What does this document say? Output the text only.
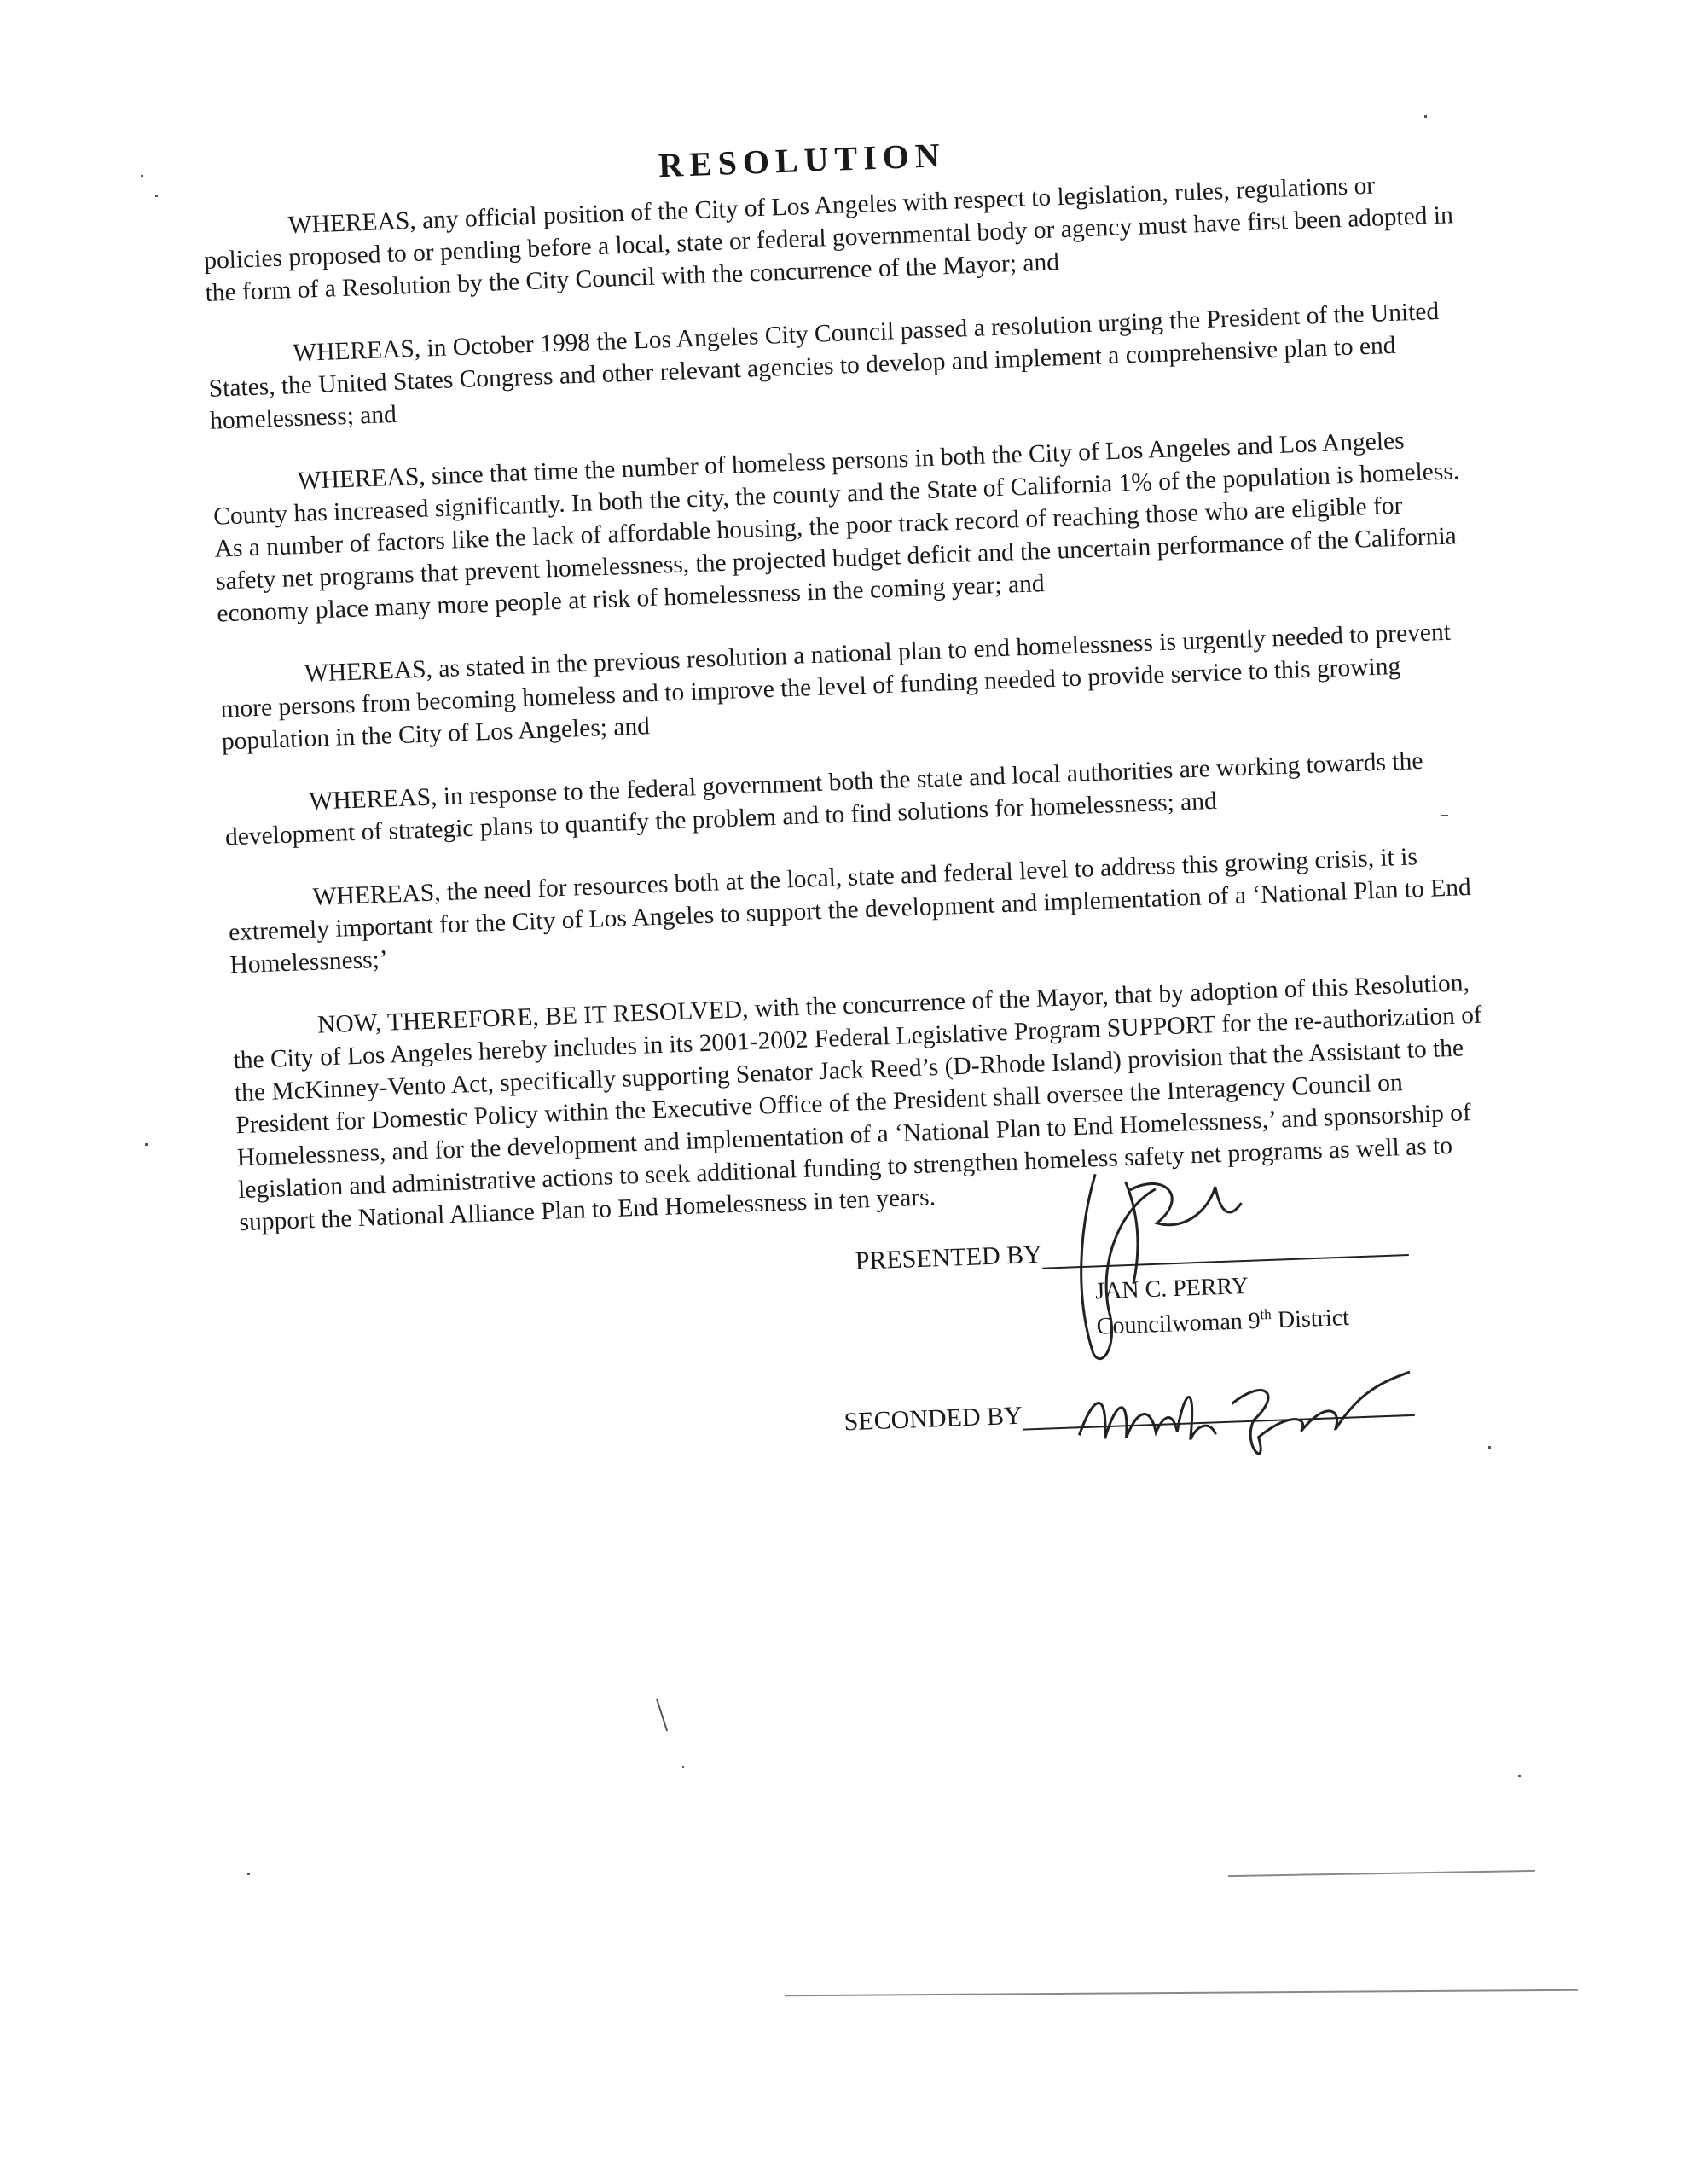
RESOLUTION

WHEREAS, any official position of the City of Los Angeles with respect to legislation, rules, regulations or policies proposed to or pending before a local, state or federal governmental body or agency must have first been adopted in the form of a Resolution by the City Council with the concurrence of the Mayor; and

WHEREAS, in October 1998 the Los Angeles City Council passed a resolution urging the President of the United States, the United States Congress and other relevant agencies to develop and implement a comprehensive plan to end homelessness; and

WHEREAS, since that time the number of homeless persons in both the City of Los Angeles and Los Angeles County has increased significantly. In both the city, the county and the State of California 1% of the population is homeless. As a number of factors like the lack of affordable housing, the poor track record of reaching those who are eligible for safety net programs that prevent homelessness, the projected budget deficit and the uncertain performance of the California economy place many more people at risk of homelessness in the coming year; and

WHEREAS, as stated in the previous resolution a national plan to end homelessness is urgently needed to prevent more persons from becoming homeless and to improve the level of funding needed to provide service to this growing population in the City of Los Angeles; and

WHEREAS, in response to the federal government both the state and local authorities are working towards the development of strategic plans to quantify the problem and to find solutions for homelessness; and

WHEREAS, the need for resources both at the local, state and federal level to address this growing crisis, it is extremely important for the City of Los Angeles to support the development and implementation of a ‘National Plan to End Homelessness;’

NOW, THEREFORE, BE IT RESOLVED, with the concurrence of the Mayor, that by adoption of this Resolution, the City of Los Angeles hereby includes in its 2001-2002 Federal Legislative Program SUPPORT for the re-authorization of the McKinney-Vento Act, specifically supporting Senator Jack Reed’s (D-Rhode Island) provision that the Assistant to the President for Domestic Policy within the Executive Office of the President shall oversee the Interagency Council on Homelessness, and for the development and implementation of a ‘National Plan to End Homelessness,’ and sponsorship of legislation and administrative actions to seek additional funding to strengthen homeless safety net programs as well as to support the National Alliance Plan to End Homelessness in ten years.

PRESENTED BY
JAN C. PERRY
Councilwoman 9th District
SECONDED BY
